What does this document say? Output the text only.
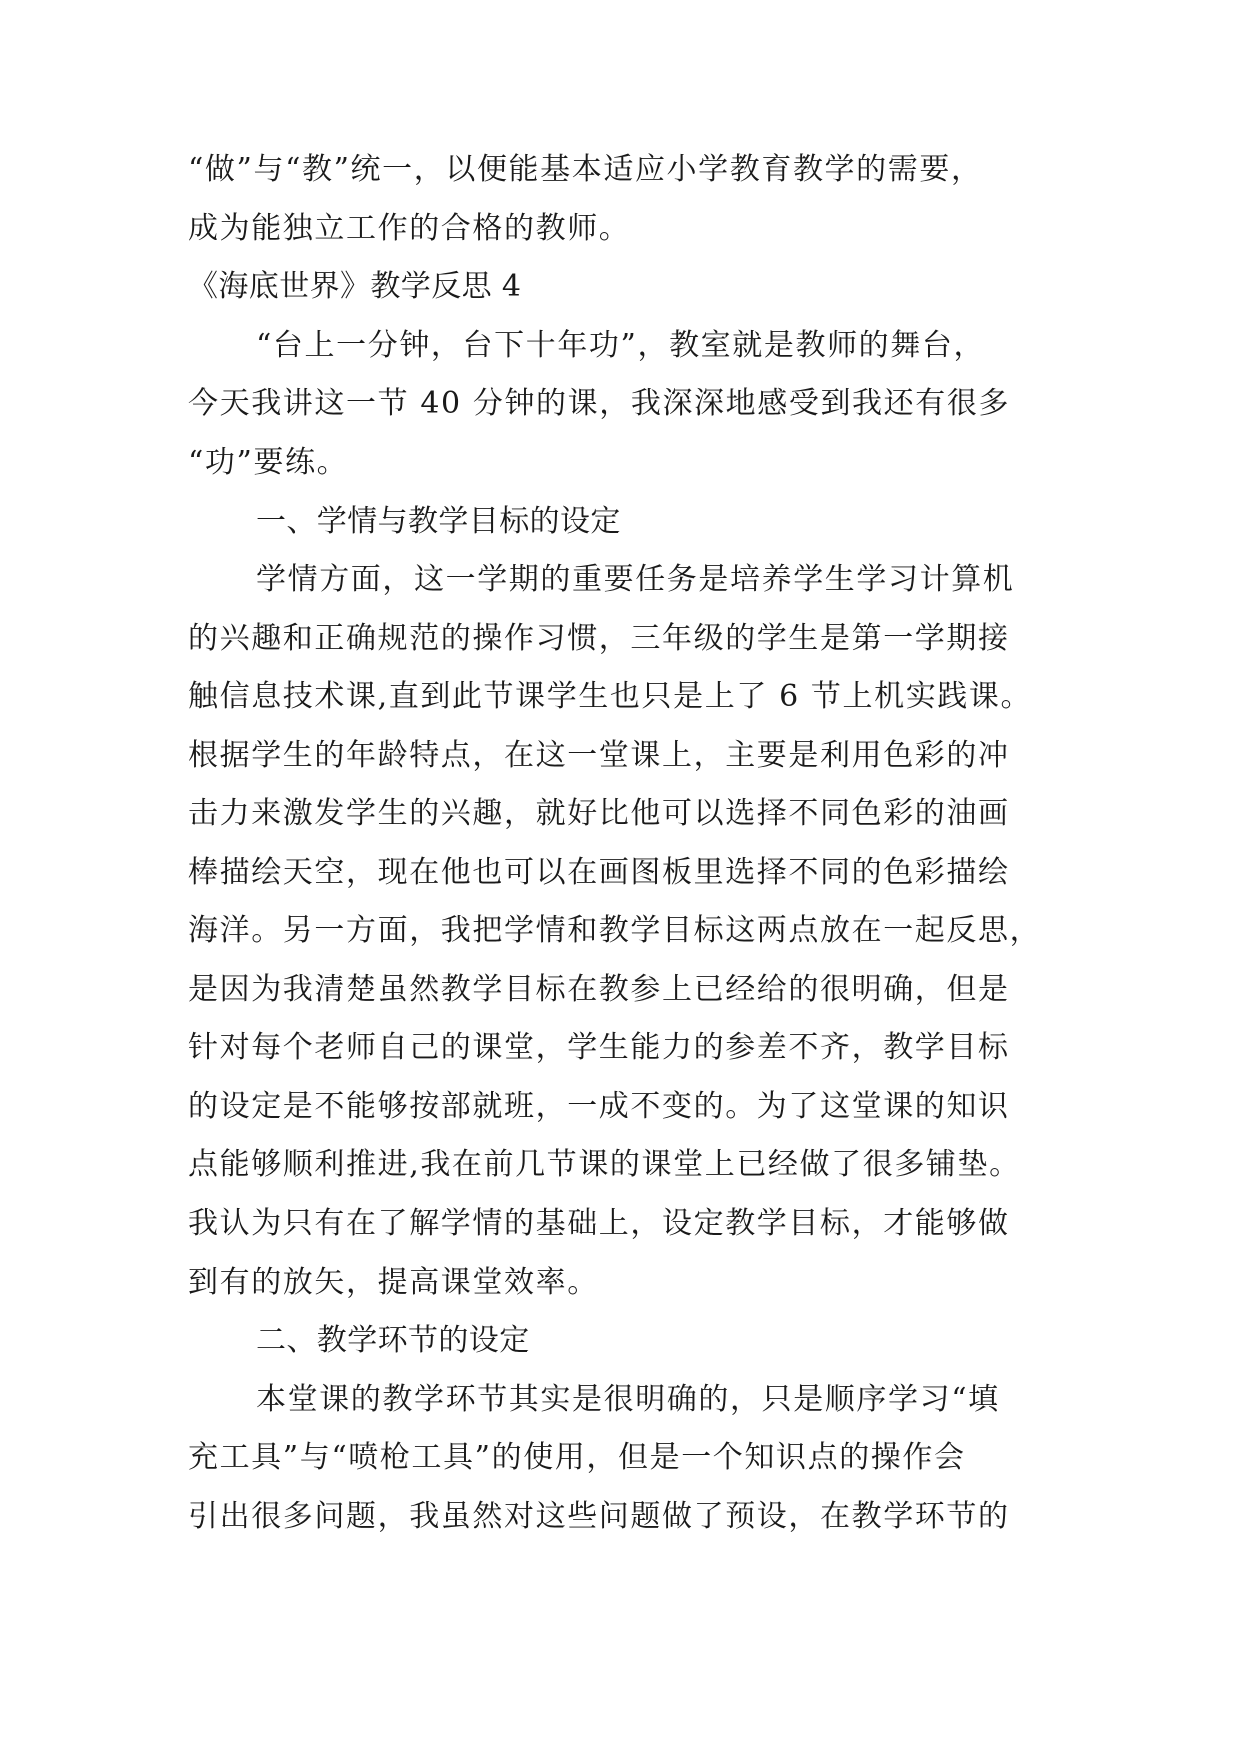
“做”与“教”统一，以便能基本适应小学教育教学的需要，
成为能独立工作的合格的教师。
《海底世界》教学反思 4
“台上一分钟，台下十年功”，教室就是教师的舞台，
今天我讲这一节 40 分钟的课，我深深地感受到我还有很多
“功”要练。
一、学情与教学目标的设定
学情方面，这一学期的重要任务是培养学生学习计算机
的兴趣和正确规范的操作习惯，三年级的学生是第一学期接
触信息技术课,直到此节课学生也只是上了 6 节上机实践课。
根据学生的年龄特点，在这一堂课上，主要是利用色彩的冲
击力来激发学生的兴趣，就好比他可以选择不同色彩的油画
棒描绘天空，现在他也可以在画图板里选择不同的色彩描绘
海洋。另一方面，我把学情和教学目标这两点放在一起反思，
是因为我清楚虽然教学目标在教参上已经给的很明确，但是
针对每个老师自己的课堂，学生能力的参差不齐，教学目标
的设定是不能够按部就班，一成不变的。为了这堂课的知识
点能够顺利推进,我在前几节课的课堂上已经做了很多铺垫。
我认为只有在了解学情的基础上，设定教学目标，才能够做
到有的放矢，提高课堂效率。
二、教学环节的设定
本堂课的教学环节其实是很明确的，只是顺序学习“填
充工具”与“喷枪工具”的使用，但是一个知识点的操作会
引出很多问题，我虽然对这些问题做了预设，在教学环节的
